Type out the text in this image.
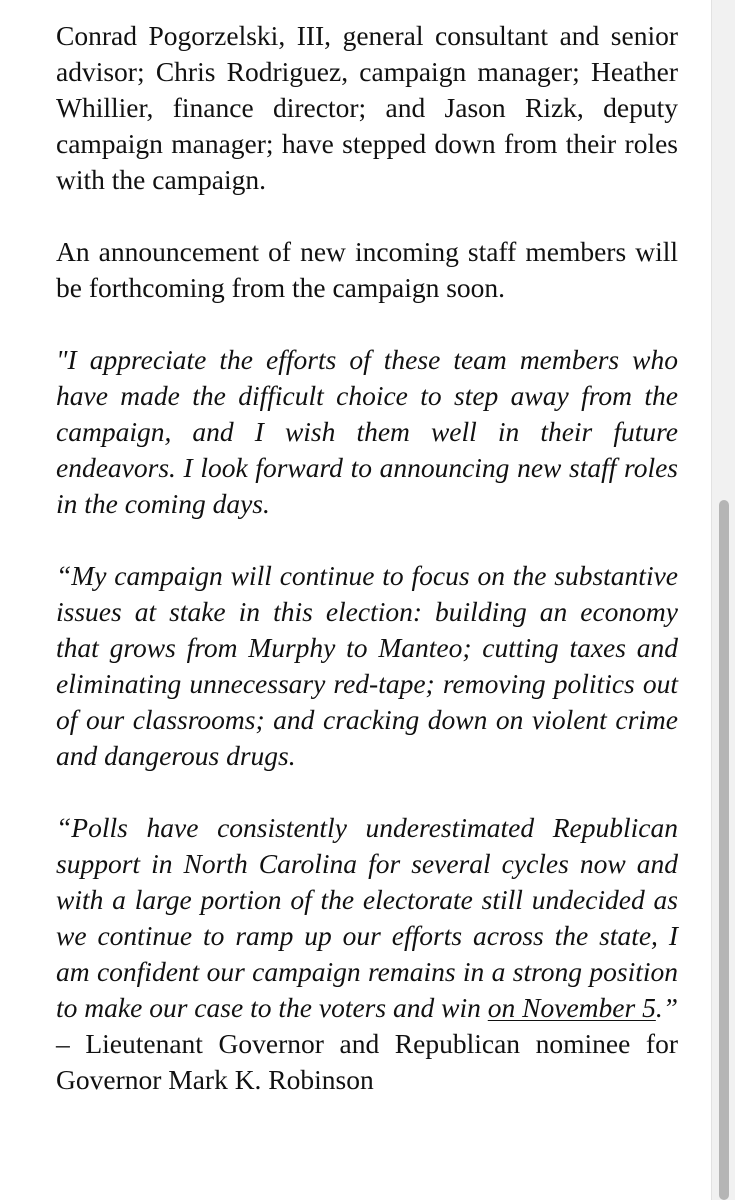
Conrad Pogorzelski, III, general consultant and senior advisor; Chris Rodriguez, campaign manager; Heather Whillier, finance director; and Jason Rizk, deputy campaign manager; have stepped down from their roles with the campaign.

An announcement of new incoming staff members will be forthcoming from the campaign soon.

"I appreciate the efforts of these team members who have made the difficult choice to step away from the campaign, and I wish them well in their future endeavors. I look forward to announcing new staff roles in the coming days.

“My campaign will continue to focus on the substantive issues at stake in this election: building an economy that grows from Murphy to Manteo; cutting taxes and eliminating unnecessary red-tape; removing politics out of our classrooms; and cracking down on violent crime and dangerous drugs.

“Polls have consistently underestimated Republican support in North Carolina for several cycles now and with a large portion of the electorate still undecided as we continue to ramp up our efforts across the state, I am confident our campaign remains in a strong position to make our case to the voters and win on November 5.” – Lieutenant Governor and Republican nominee for Governor Mark K. Robinson
